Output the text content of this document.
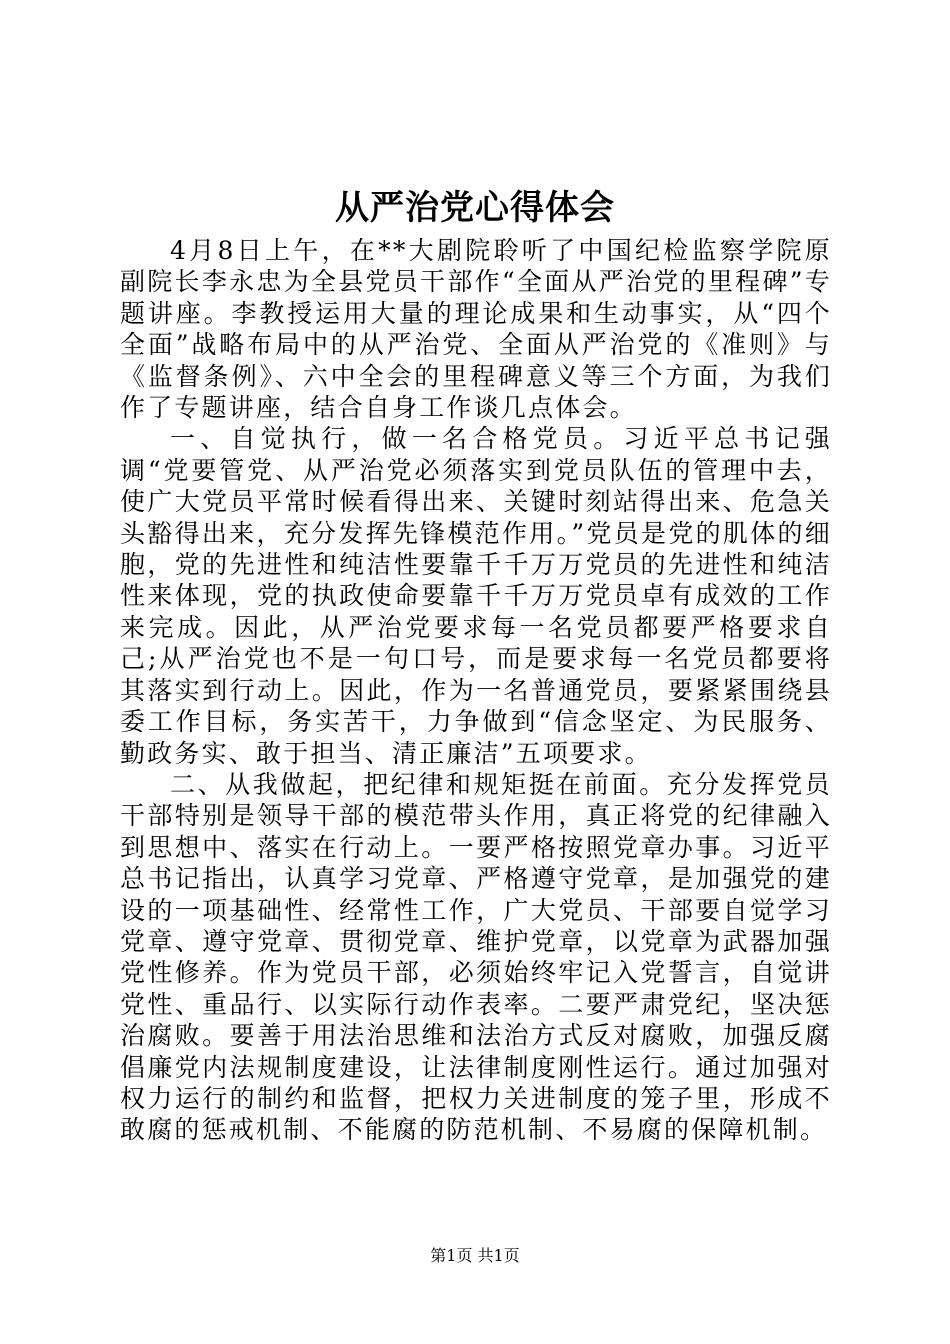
从严治党心得体会

4月8日上午，在**大剧院聆听了中国纪检监察学院原副院长李永忠为全县党员干部作“全面从严治党的里程碑”专题讲座。李教授运用大量的理论成果和生动事实，从“四个全面”战略布局中的从严治党、全面从严治党的《准则》与《监督条例》、六中全会的里程碑意义等三个方面，为我们作了专题讲座，结合自身工作谈几点体会。

一、自觉执行，做一名合格党员。习近平总书记强调“党要管党、从严治党必须落实到党员队伍的管理中去，使广大党员平常时候看得出来、关键时刻站得出来、危急关头豁得出来，充分发挥先锋模范作用。”党员是党的肌体的细胞，党的先进性和纯洁性要靠千千万万党员的先进性和纯洁性来体现，党的执政使命要靠千千万万党员卓有成效的工作来完成。因此，从严治党要求每一名党员都要严格要求自己;从严治党也不是一句口号，而是要求每一名党员都要将其落实到行动上。因此，作为一名普通党员，要紧紧围绕县委工作目标，务实苦干，力争做到“信念坚定、为民服务、勤政务实、敢于担当、清正廉洁”五项要求。

二、从我做起，把纪律和规矩挺在前面。充分发挥党员干部特别是领导干部的模范带头作用，真正将党的纪律融入到思想中、落实在行动上。一要严格按照党章办事。习近平总书记指出，认真学习党章、严格遵守党章，是加强党的建设的一项基础性、经常性工作，广大党员、干部要自觉学习党章、遵守党章、贯彻党章、维护党章，以党章为武器加强党性修养。作为党员干部，必须始终牢记入党誓言，自觉讲党性、重品行、以实际行动作表率。二要严肃党纪，坚决惩治腐败。要善于用法治思维和法治方式反对腐败，加强反腐倡廉党内法规制度建设，让法律制度刚性运行。通过加强对权力运行的制约和监督，把权力关进制度的笼子里，形成不敢腐的惩戒机制、不能腐的防范机制、不易腐的保障机制。

第1页 共1页
